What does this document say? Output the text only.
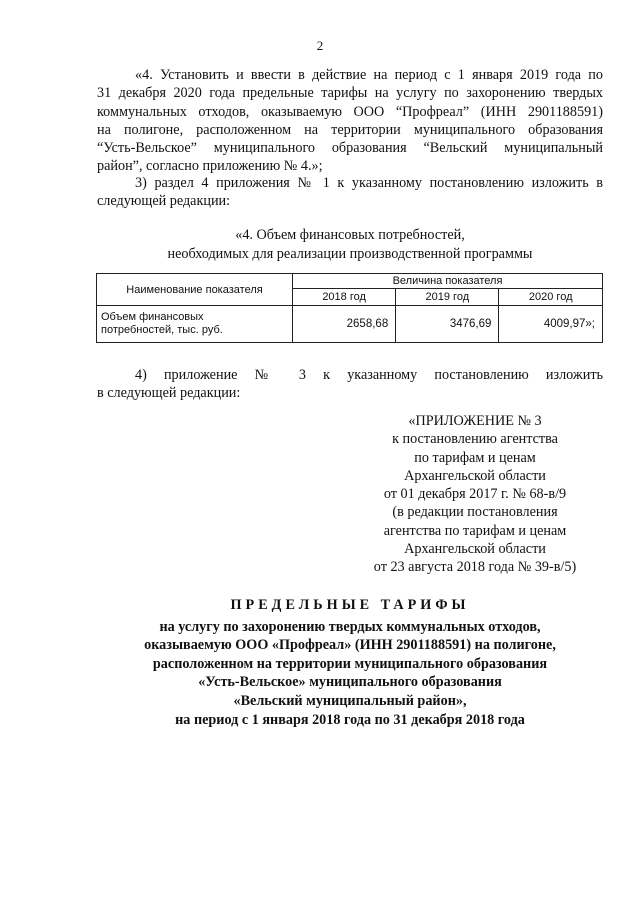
2
«4. Установить и ввести в действие на период с 1 января 2019 года по
31 декабря 2020 года предельные тарифы на услугу по захоронению твердых
коммунальных отходов, оказываемую ООО “Профреал” (ИНН 2901188591)
на полигоне, расположенном на территории муниципального образования
“Усть-Вельское” муниципального образования “Вельский муниципальный
район”, согласно приложению № 4.»;
3) раздел 4 приложения № 1 к указанному постановлению изложить в
следующей редакции:
«4. Объем финансовых потребностей,
необходимых для реализации производственной программы
Наименование показателя	Величина показателя		
	2018 год	2019 год	2020 год
Объем финансовых
потребностей, тыс. руб.	2658,68	3476,69	4009,97»;
4) приложение № 3 к указанному постановлению изложить
в следующей редакции:
«ПРИЛОЖЕНИЕ № 3
к постановлению агентства
по тарифам и ценам
Архангельской области
от 01 декабря 2017 г. № 68-в/9
(в редакции постановления
агентства по тарифам и ценам
Архангельской области
от 23 августа 2018 года № 39-в/5)
ПРЕДЕЛЬНЫЕ ТАРИФЫ
на услугу по захоронению твердых коммунальных отходов,
оказываемую ООО «Профреал» (ИНН 2901188591) на полигоне,
расположенном на территории муниципального образования
«Усть-Вельское» муниципального образования
«Вельский муниципальный район»,
на период с 1 января 2018 года по 31 декабря 2018 года
